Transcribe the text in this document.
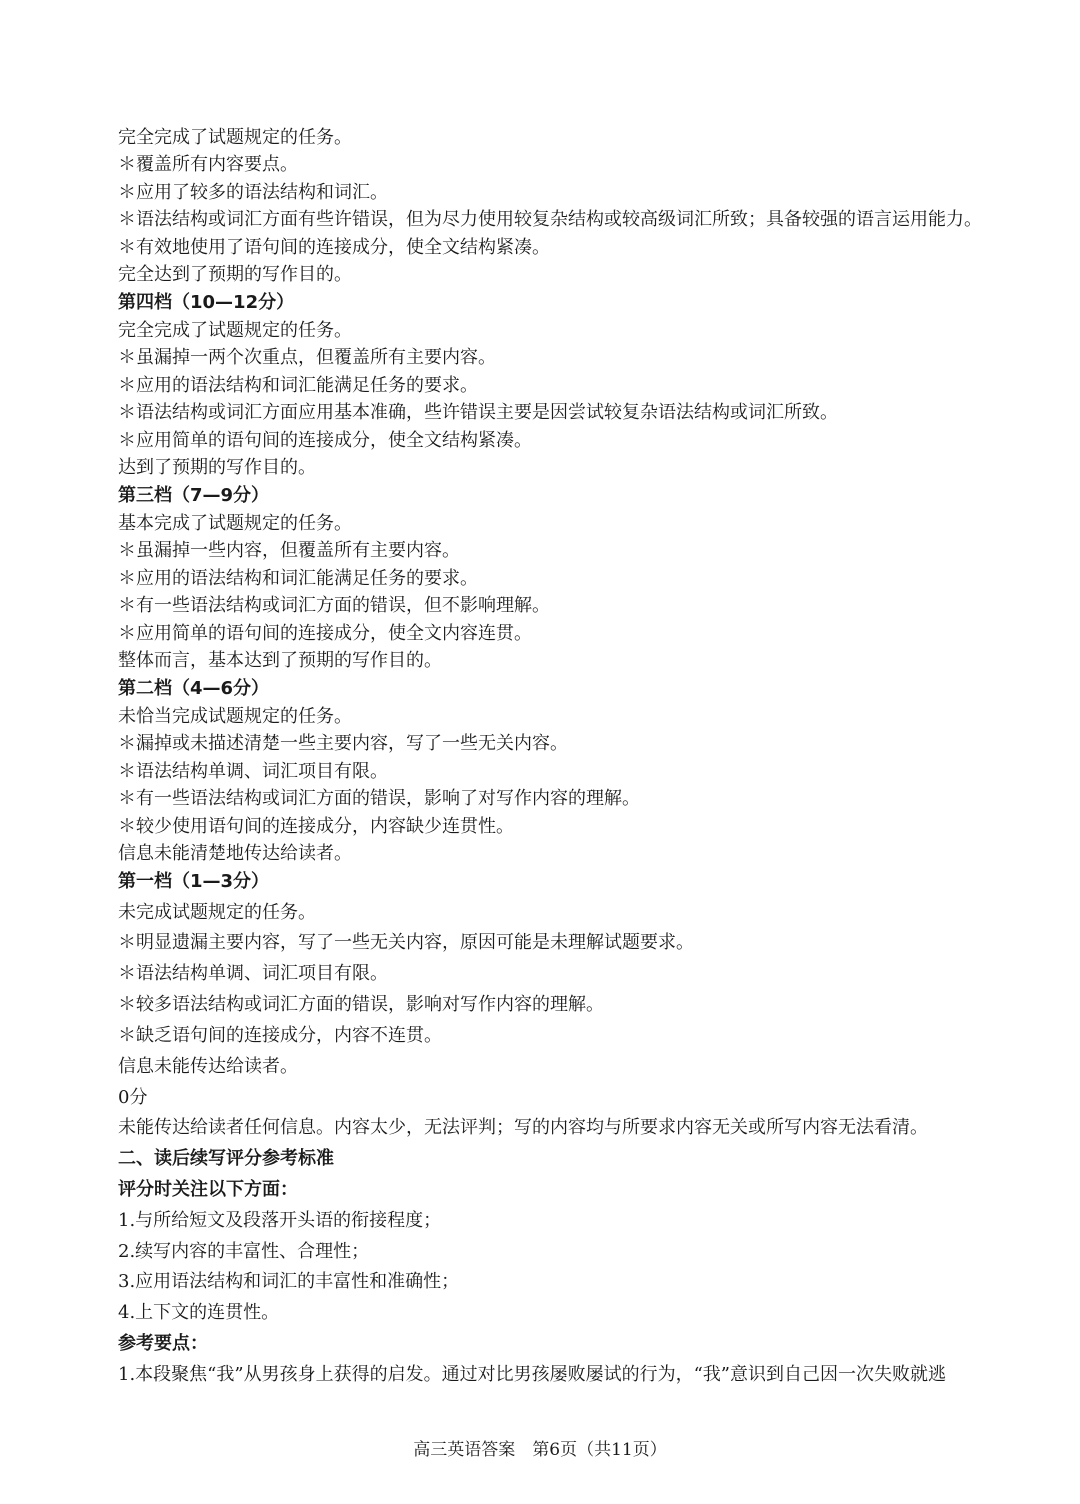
完全完成了试题规定的任务。
＊覆盖所有内容要点。
＊应用了较多的语法结构和词汇。
＊语法结构或词汇方面有些许错误，但为尽力使用较复杂结构或较高级词汇所致；具备较强的语言运用能力。
＊有效地使用了语句间的连接成分，使全文结构紧凑。
完全达到了预期的写作目的。
第四档（10—12分）
完全完成了试题规定的任务。
＊虽漏掉一两个次重点，但覆盖所有主要内容。
＊应用的语法结构和词汇能满足任务的要求。
＊语法结构或词汇方面应用基本准确，些许错误主要是因尝试较复杂语法结构或词汇所致。
＊应用简单的语句间的连接成分，使全文结构紧凑。
达到了预期的写作目的。
第三档（7—9分）
基本完成了试题规定的任务。
＊虽漏掉一些内容，但覆盖所有主要内容。
＊应用的语法结构和词汇能满足任务的要求。
＊有一些语法结构或词汇方面的错误，但不影响理解。
＊应用简单的语句间的连接成分，使全文内容连贯。
整体而言，基本达到了预期的写作目的。
第二档（4—6分）
未恰当完成试题规定的任务。
＊漏掉或未描述清楚一些主要内容，写了一些无关内容。
＊语法结构单调、词汇项目有限。
＊有一些语法结构或词汇方面的错误，影响了对写作内容的理解。
＊较少使用语句间的连接成分，内容缺少连贯性。
信息未能清楚地传达给读者。
第一档（1—3分）
未完成试题规定的任务。
＊明显遗漏主要内容，写了一些无关内容，原因可能是未理解试题要求。
＊语法结构单调、词汇项目有限。
＊较多语法结构或词汇方面的错误，影响对写作内容的理解。
＊缺乏语句间的连接成分，内容不连贯。
信息未能传达给读者。
0分
未能传达给读者任何信息。内容太少，无法评判；写的内容均与所要求内容无关或所写内容无法看清。
二、读后续写评分参考标准
评分时关注以下方面：
1.与所给短文及段落开头语的衔接程度；
2.续写内容的丰富性、合理性；
3.应用语法结构和词汇的丰富性和准确性；
4.上下文的连贯性。
参考要点：
1.本段聚焦“我”从男孩身上获得的启发。通过对比男孩屡败屡试的行为，“我”意识到自己因一次失败就逃
高三英语答案　第6页（共11页）
